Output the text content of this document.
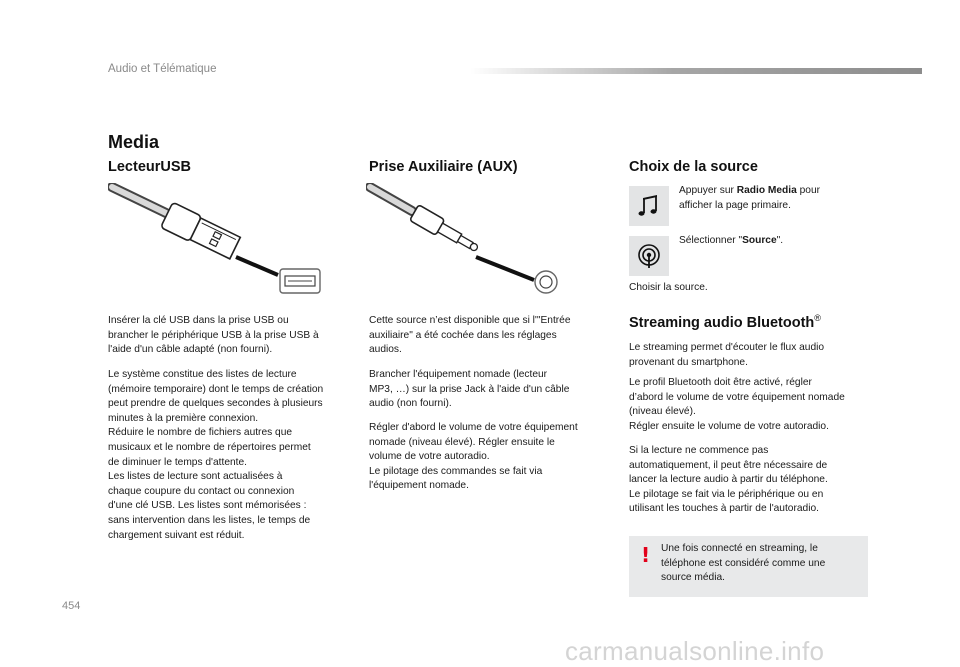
Audio et Télématique
Media
LecteurUSB
Insérer la clé USB dans la prise USB ou
brancher le périphérique USB à la prise USB à
l'aide d'un câble adapté (non fourni).
Le système constitue des listes de lecture
(mémoire temporaire) dont le temps de création
peut prendre de quelques secondes à plusieurs
minutes à la première connexion.
Réduire le nombre de fichiers autres que
musicaux et le nombre de répertoires permet
de diminuer le temps d'attente.
Les listes de lecture sont actualisées à
chaque coupure du contact ou connexion
d'une clé USB. Les listes sont mémorisées :
sans intervention dans les listes, le temps de
chargement suivant est réduit.
Prise Auxiliaire (AUX)
Cette source n’est disponible que si l'"Entrée
auxiliaire" a été cochée dans les réglages
audios.
Brancher l'équipement nomade (lecteur
MP3, …) sur la prise Jack à l'aide d'un câble
audio (non fourni).
Régler d'abord le volume de votre équipement
nomade (niveau élevé). Régler ensuite le
volume de votre autoradio.
Le pilotage des commandes se fait via
l'équipement nomade.
Choix de la source
Appuyer sur Radio Media pour
afficher la page primaire.
Sélectionner "Source".
Choisir la source.
Streaming audio Bluetooth®
Le streaming permet d'écouter le flux audio
provenant du smartphone.
Le profil Bluetooth doit être activé, régler
d’abord le volume de votre équipement nomade
(niveau élevé).
Régler ensuite le volume de votre autoradio.
Si la lecture ne commence pas
automatiquement, il peut être nécessaire de
lancer la lecture audio à partir du téléphone.
Le pilotage se fait via le périphérique ou en
utilisant les touches à partir de l'autoradio.
! Une fois connecté en streaming, le
téléphone est considéré comme une
source média.
454
carmanualsonline.info
